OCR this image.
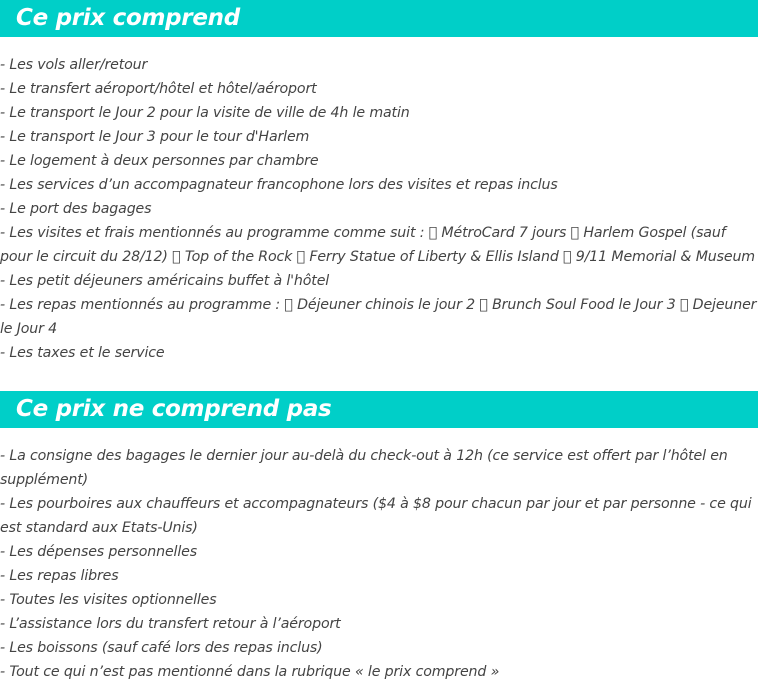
Ce prix comprend
- Les vols aller/retour
- Le transfert aéroport/hôtel et hôtel/aéroport
- Le transport le Jour 2 pour la visite de ville de 4h le matin
- Le transport le Jour 3 pour le tour d'Harlem
- Le logement à deux personnes par chambre
- Les services d’un accompagnateur francophone lors des visites et repas inclus
- Le port des bagages
- Les visites et frais mentionnés au programme comme suit : MétroCard 7 jours Harlem Gospel (sauf pour le circuit du 28/12) Top of the Rock Ferry Statue of Liberty & Ellis Island 9/11 Memorial & Museum
- Les petit déjeuners américains buffet à l'hôtel
- Les repas mentionnés au programme : Déjeuner chinois le jour 2 Brunch Soul Food le Jour 3 Dejeuner le Jour 4
- Les taxes et le service
Ce prix ne comprend pas
- La consigne des bagages le dernier jour au-delà du check-out à 12h (ce service est offert par l’hôtel en supplément)
- Les pourboires aux chauffeurs et accompagnateurs ($4 à $8 pour chacun par jour et par personne - ce qui est standard aux Etats-Unis)
- Les dépenses personnelles
- Les repas libres
- Toutes les visites optionnelles
- L’assistance lors du transfert retour à l’aéroport
- Les boissons (sauf café lors des repas inclus)
- Tout ce qui n’est pas mentionné dans la rubrique « le prix comprend »
